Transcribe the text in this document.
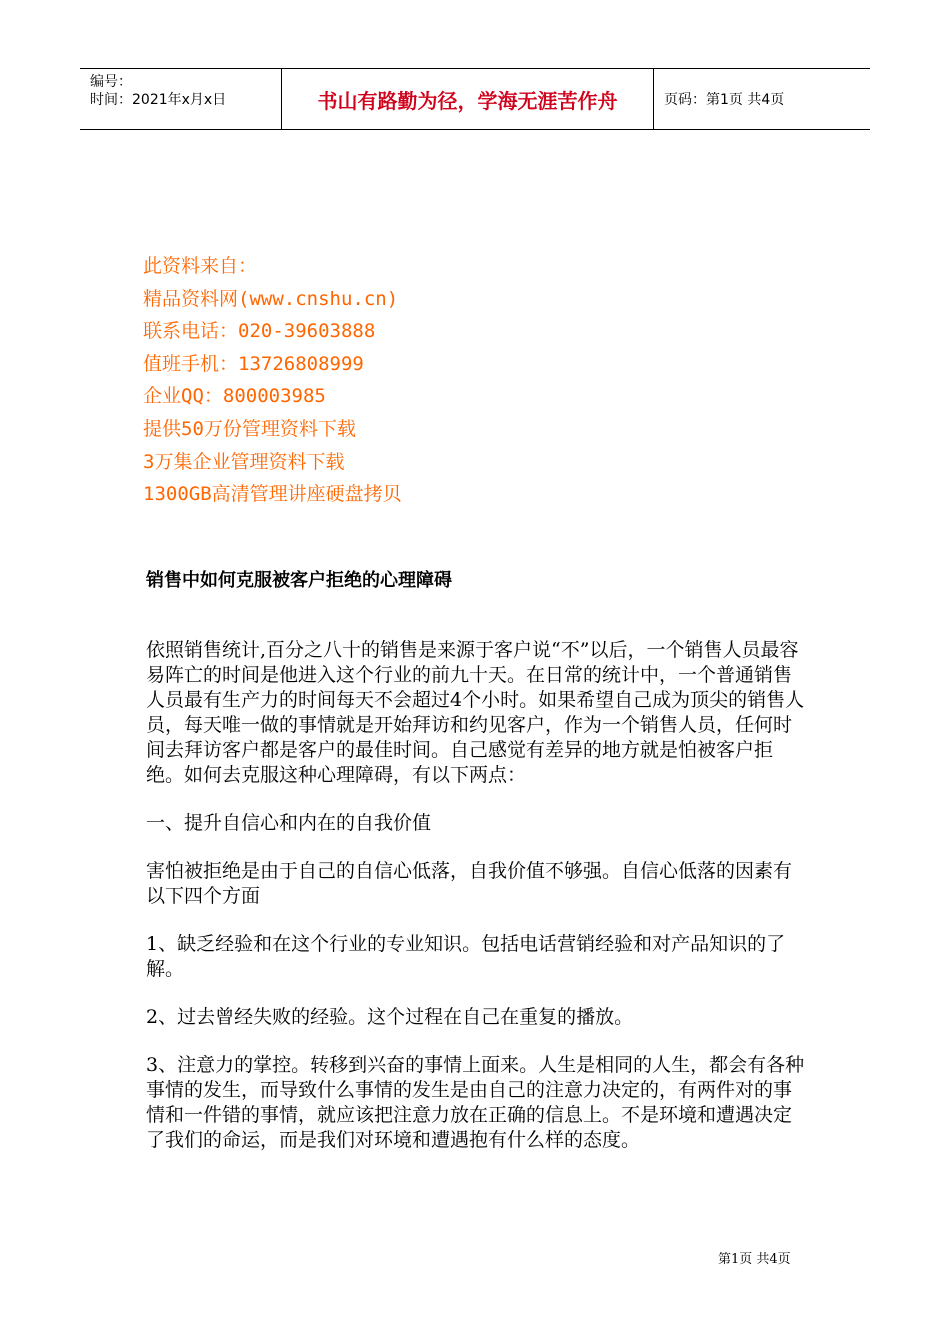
编号：
时间：2021年x月x日	书山有路勤为径，学海无涯苦作舟	页码：第1页 共4页
此资料来自：
精品资料网(www.cnshu.cn)
联系电话：020-39603888
值班手机：13726808999
企业QQ：800003985
提供50万份管理资料下载
3万集企业管理资料下载
1300GB高清管理讲座硬盘拷贝
销售中如何克服被客户拒绝的心理障碍

依照销售统计,百分之八十的销售是来源于客户说“不”以后，一个销售人员最容易阵亡的时间是他进入这个行业的前九十天。在日常的统计中，一个普通销售人员最有生产力的时间每天不会超过4个小时。如果希望自己成为顶尖的销售人员，每天唯一做的事情就是开始拜访和约见客户，作为一个销售人员，任何时间去拜访客户都是客户的最佳时间。自己感觉有差异的地方就是怕被客户拒绝。如何去克服这种心理障碍，有以下两点：

一、提升自信心和内在的自我价值

害怕被拒绝是由于自己的自信心低落，自我价值不够强。自信心低落的因素有以下四个方面

1、缺乏经验和在这个行业的专业知识。包括电话营销经验和对产品知识的了解。

2、过去曾经失败的经验。这个过程在自己在重复的播放。

3、注意力的掌控。转移到兴奋的事情上面来。人生是相同的人生，都会有各种事情的发生，而导致什么事情的发生是由自己的注意力决定的，有两件对的事情和一件错的事情，就应该把注意力放在正确的信息上。不是环境和遭遇决定了我们的命运，而是我们对环境和遭遇抱有什么样的态度。

第1页 共4页
